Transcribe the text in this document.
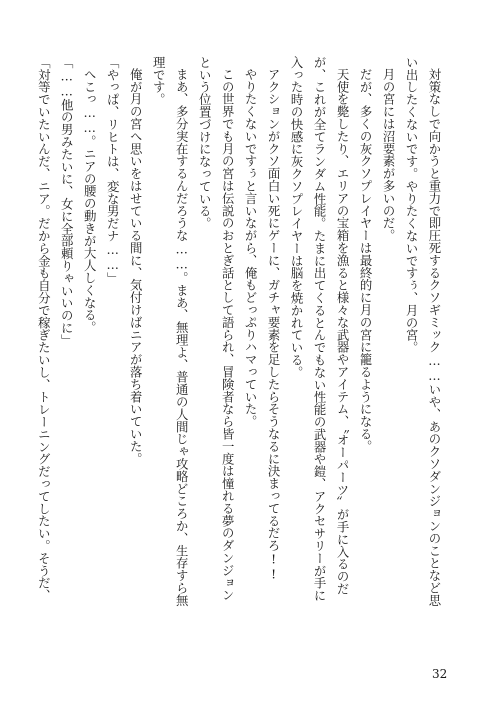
対策なしで向かうと重力で即圧死するクソギミック……いや、あのクソダンジョンのことなど思
い出したくないです。やりたくないですぅ、月の宮。
月の宮には沼要素が多いのだ。
だが、多くの灰クソプレイヤーは最終的に月の宮に籠るようになる。
天使を斃したり、エリアの宝箱を漁ると様々な武器やアイテム、〝オーパーツ〟が手に入るのだ
が、これが全てランダム性能。たまに出てくるとんでもない性能の武器や鎧、アクセサリーが手に
入った時の快感に灰クソプレイヤーは脳を焼かれている。
アクションがクソ面白い死にゲーに、ガチャ要素を足したらそうなるに決まってるだろ!!
やりたくないですぅと言いながら、俺もどっぷりハマっていた。
この世界でも月の宮は伝説のおとぎ話として語られ、冒険者なら皆一度は憧れる夢のダンジョン
という位置づけになっている。
まあ、多分実在するんだろうな……。まあ、無理よ、普通の人間じゃ攻略どころか、生存すら無
理です。
俺が月の宮へ思いをはせている間に、気付けばニアが落ち着いていた。
「やっぱ、リヒトは、変な男だナ……」
へこっ……。ニアの腰の動きが大人しくなる。
「……他の男みたいに、女に全部頼りゃいいのに」
「対等でいたいんだ、ニア。だから金も自分で稼ぎたいし、トレーニングだってしたい。そうだ、
32
